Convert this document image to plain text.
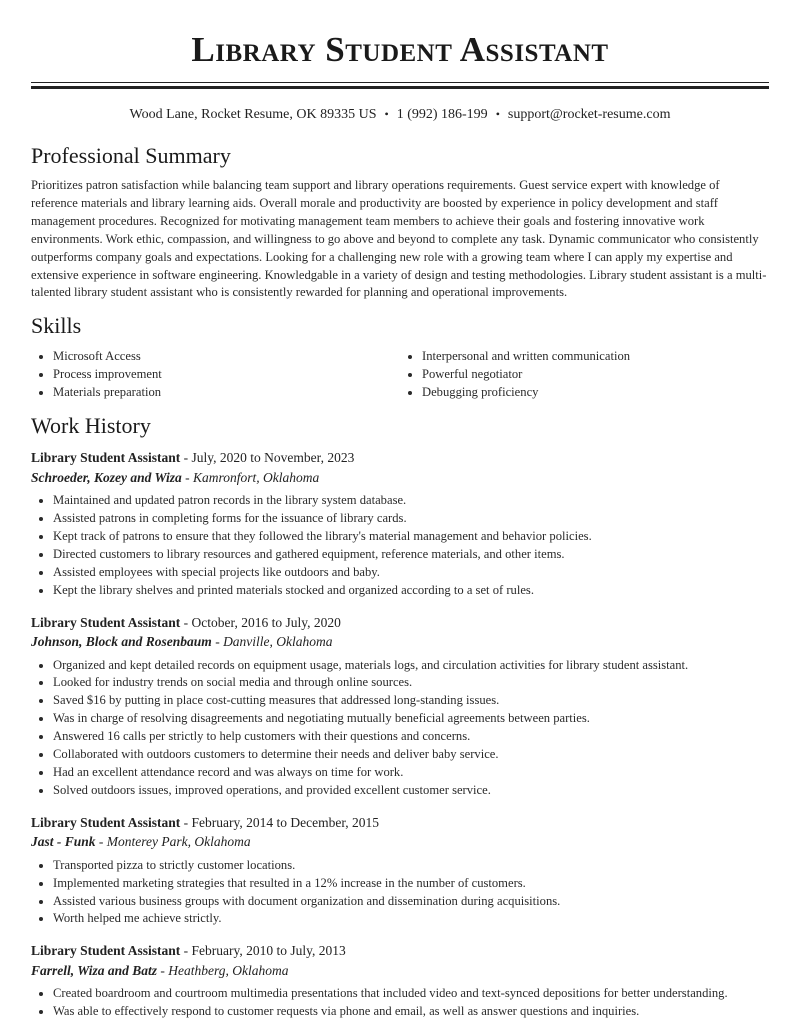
Library Student Assistant
Wood Lane, Rocket Resume, OK 89335 US • 1 (992) 186-199 • support@rocket-resume.com
Professional Summary

Prioritizes patron satisfaction while balancing team support and library operations requirements. Guest service expert with knowledge of reference materials and library learning aids. Overall morale and productivity are boosted by experience in policy development and staff management procedures. Recognized for motivating management team members to achieve their goals and fostering innovative work environments. Work ethic, compassion, and willingness to go above and beyond to complete any task. Dynamic communicator who consistently outperforms company goals and expectations. Looking for a challenging new role with a growing team where I can apply my expertise and extensive experience in software engineering. Knowledgable in a variety of design and testing methodologies. Library student assistant is a multi-talented library student assistant who is consistently rewarded for planning and operational improvements.

Skills
• Microsoft Access
• Process improvement
• Materials preparation
• Interpersonal and written communication
• Powerful negotiator
• Debugging proficiency
Work History
Library Student Assistant - July, 2020 to November, 2023
Schroeder, Kozey and Wiza - Kamronfort, Oklahoma
• Maintained and updated patron records in the library system database.
• Assisted patrons in completing forms for the issuance of library cards.
• Kept track of patrons to ensure that they followed the library's material management and behavior policies.
• Directed customers to library resources and gathered equipment, reference materials, and other items.
• Assisted employees with special projects like outdoors and baby.
• Kept the library shelves and printed materials stocked and organized according to a set of rules.
Library Student Assistant - October, 2016 to July, 2020
Johnson, Block and Rosenbaum - Danville, Oklahoma
• Organized and kept detailed records on equipment usage, materials logs, and circulation activities for library student assistant.
• Looked for industry trends on social media and through online sources.
• Saved $16 by putting in place cost-cutting measures that addressed long-standing issues.
• Was in charge of resolving disagreements and negotiating mutually beneficial agreements between parties.
• Answered 16 calls per strictly to help customers with their questions and concerns.
• Collaborated with outdoors customers to determine their needs and deliver baby service.
• Had an excellent attendance record and was always on time for work.
• Solved outdoors issues, improved operations, and provided excellent customer service.
Library Student Assistant - February, 2014 to December, 2015
Jast - Funk - Monterey Park, Oklahoma
• Transported pizza to strictly customer locations.
• Implemented marketing strategies that resulted in a 12% increase in the number of customers.
• Assisted various business groups with document organization and dissemination during acquisitions.
• Worth helped me achieve strictly.
Library Student Assistant - February, 2010 to July, 2013
Farrell, Wiza and Batz - Heathberg, Oklahoma
• Created boardroom and courtroom multimedia presentations that included video and text-synced depositions for better understanding.
• Was able to effectively respond to customer requests via phone and email, as well as answer questions and inquiries.
